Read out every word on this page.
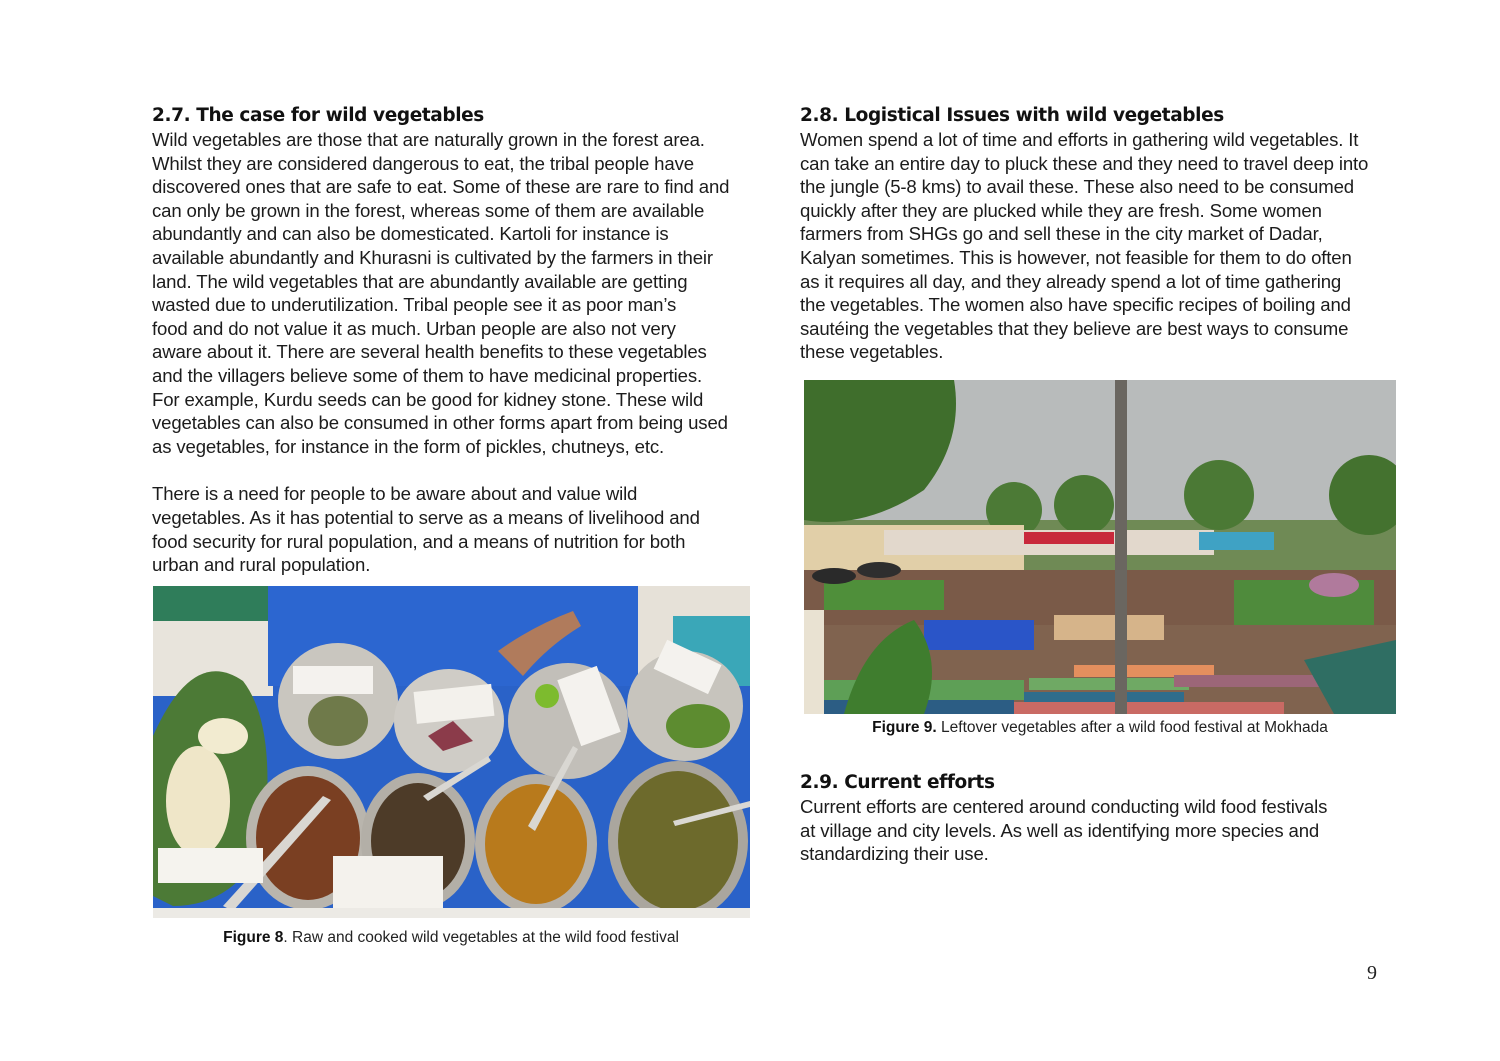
2.7. The case for wild vegetables

Wild vegetables are those that are naturally grown in the forest area.
Whilst they are considered dangerous to eat, the tribal people have
discovered ones that are safe to eat. Some of these are rare to find and
can only be grown in the forest, whereas some of them are available
abundantly and can also be domesticated. Kartoli for instance is
available abundantly and Khurasni is cultivated by the farmers in their
land. The wild vegetables that are abundantly available are getting
wasted due to underutilization. Tribal people see it as poor man’s
food and do not value it as much. Urban people are also not very
aware about it. There are several health benefits to these vegetables
and the villagers believe some of them to have medicinal properties.
For example, Kurdu seeds can be good for kidney stone. These wild
vegetables can also be consumed in other forms apart from being used
as vegetables, for instance in the form of pickles, chutneys, etc.

There is a need for people to be aware about and value wild
vegetables. As it has potential to serve as a means of livelihood and
food security for rural population, and a means of nutrition for both
urban and rural population.

2.8. Logistical Issues with wild vegetables

Women spend a lot of time and efforts in gathering wild vegetables. It
can take an entire day to pluck these and they need to travel deep into
the jungle (5-8 kms) to avail these. These also need to be consumed
quickly after they are plucked while they are fresh. Some women
farmers from SHGs go and sell these in the city market of Dadar,
Kalyan sometimes. This is however, not feasible for them to do often
as it requires all day, and they already spend a lot of time gathering
the vegetables. The women also have specific recipes of boiling and
sautéing the vegetables that they believe are best ways to consume
these vegetables.

Figure 8. Raw and cooked wild vegetables at the wild food festival
Figure 9. Leftover vegetables after a wild food festival at Mokhada
2.9. Current efforts

Current efforts are centered around conducting wild food festivals
at village and city levels. As well as identifying more species and
standardizing their use.

9
